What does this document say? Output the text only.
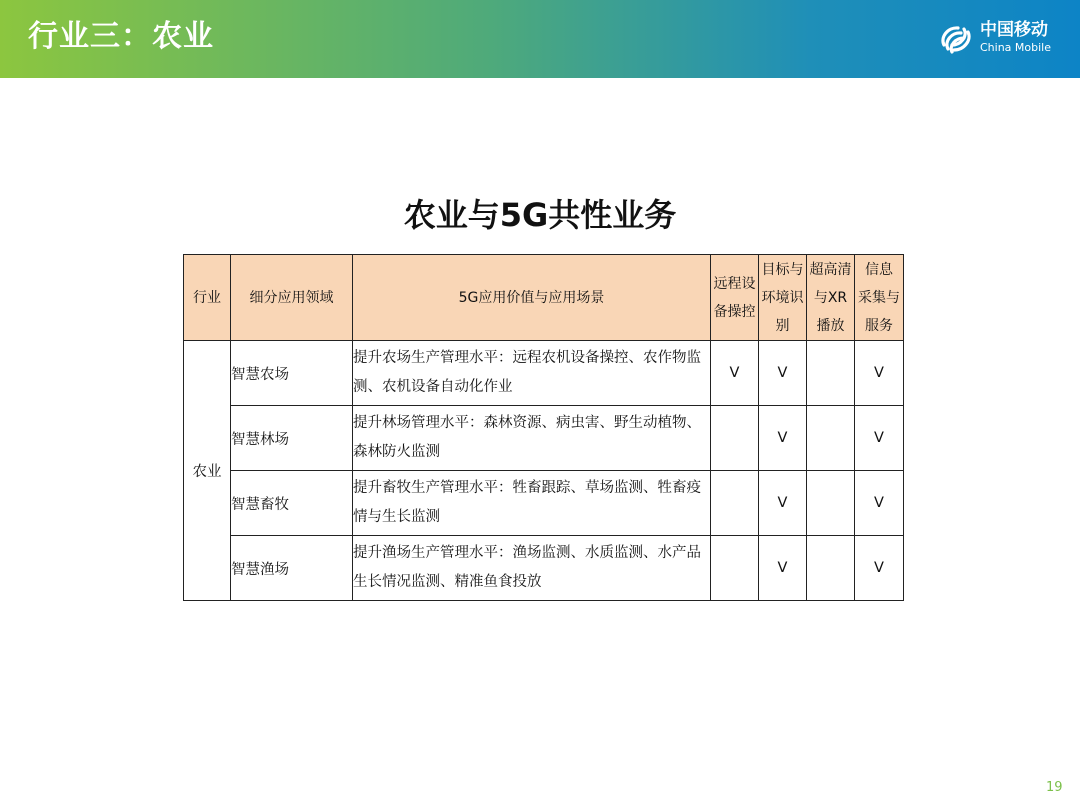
行业三：农业	中国移动
China Mobile
农业与5G共性业务
行业	细分应用领域	5G应用价值与应用场景	远程设
备操控	目标与
环境识
别	超高清
与XR
播放	信息
采集与
服务
农业	智慧农场	提升农场生产管理水平：远程农机设备操控、农作物监
测、农机设备自动化作业	V	V		V
	智慧林场	提升林场管理水平：森林资源、病虫害、野生动植物、
森林防火监测		V		V
	智慧畜牧	提升畜牧生产管理水平：牲畜跟踪、草场监测、牲畜疫
情与生长监测		V		V
	智慧渔场	提升渔场生产管理水平：渔场监测、水质监测、水产品
生长情况监测、精准鱼食投放		V		V
19
